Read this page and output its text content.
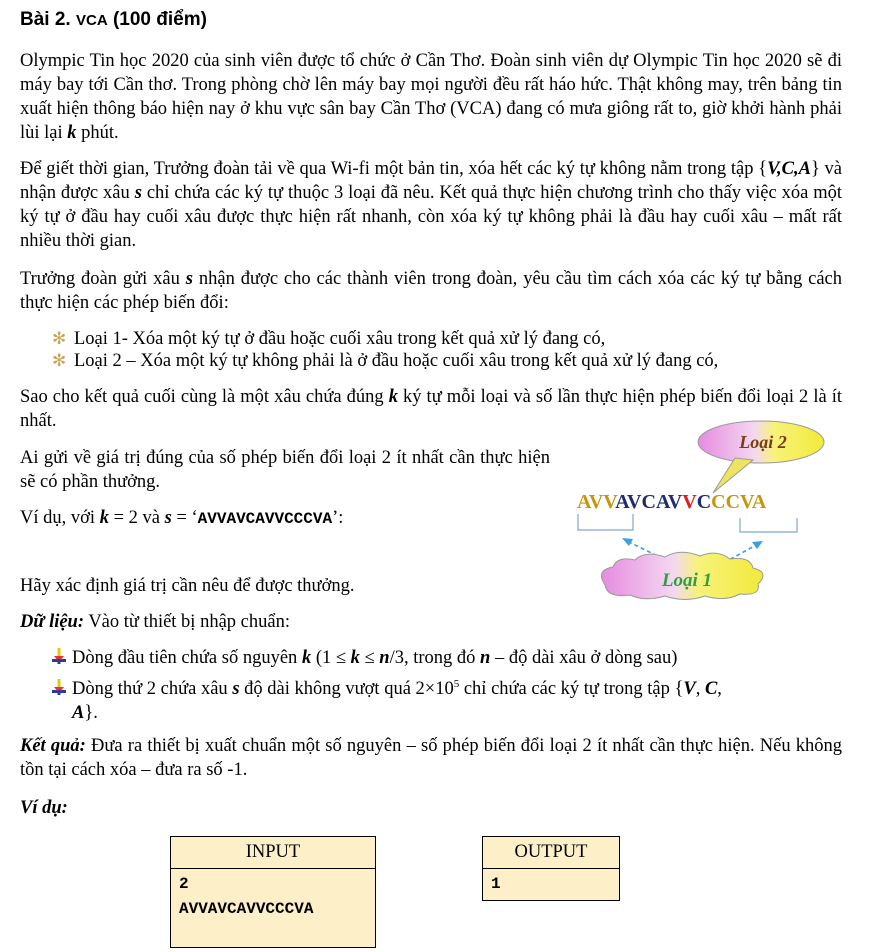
Bài 2. VCA (100 điểm)
Olympic Tin học 2020 của sinh viên được tổ chức ở Cần Thơ. Đoàn sinh viên dự Olympic Tin học 2020 sẽ đi máy bay tới Cần thơ. Trong phòng chờ lên máy bay mọi người đều rất háo hức. Thật không may, trên bảng tin xuất hiện thông báo hiện nay ở khu vực sân bay Cần Thơ (VCA) đang có mưa giông rất to, giờ khởi hành phải lùi lại k phút.
Để giết thời gian, Trưởng đoàn tải về qua Wi-fi một bản tin, xóa hết các ký tự không nằm trong tập {V,C,A} và nhận được xâu s chỉ chứa các ký tự thuộc 3 loại đã nêu. Kết quả thực hiện chương trình cho thấy việc xóa một ký tự ở đầu hay cuối xâu được thực hiện rất nhanh, còn xóa ký tự không phải là đầu hay cuối xâu – mất rất nhiều thời gian.
Trưởng đoàn gửi xâu s nhận được cho các thành viên trong đoàn, yêu cầu tìm cách xóa các ký tự bằng cách thực hiện các phép biến đổi:
✻ Loại 1- Xóa một ký tự ở đầu hoặc cuối xâu trong kết quả xử lý đang có,
✻ Loại 2 – Xóa một ký tự không phải là ở đầu hoặc cuối xâu trong kết quả xử lý đang có,
Sao cho kết quả cuối cùng là một xâu chứa đúng k ký tự mỗi loại và số lần thực hiện phép biến đổi loại 2 là ít nhất.
Ai gửi về giá trị đúng của số phép biến đổi loại 2 ít nhất cần thực hiện sẽ có phần thưởng.
Ví dụ, với k = 2 và s = ‘AVVAVCAVVCCCVA’:
Hãy xác định giá trị cần nêu để được thưởng.
Loại 2
AVVAVCAVVCCCVA
Loại 1
Dữ liệu: Vào từ thiết bị nhập chuẩn:
Dòng đầu tiên chứa số nguyên k (1 ≤ k ≤ n/3, trong đó n – độ dài xâu ở dòng sau)
Dòng thứ 2 chứa xâu s độ dài không vượt quá $2\times 10^5$ chỉ chứa các ký tự trong tập {V, C,
A}.
Kết quả: Đưa ra thiết bị xuất chuẩn một số nguyên – số phép biến đổi loại 2 ít nhất cần thực hiện. Nếu không tồn tại cách xóa – đưa ra số -1.
Ví dụ:
INPUT

2
AVVAVCAVVCCCVA
OUTPUT

1
